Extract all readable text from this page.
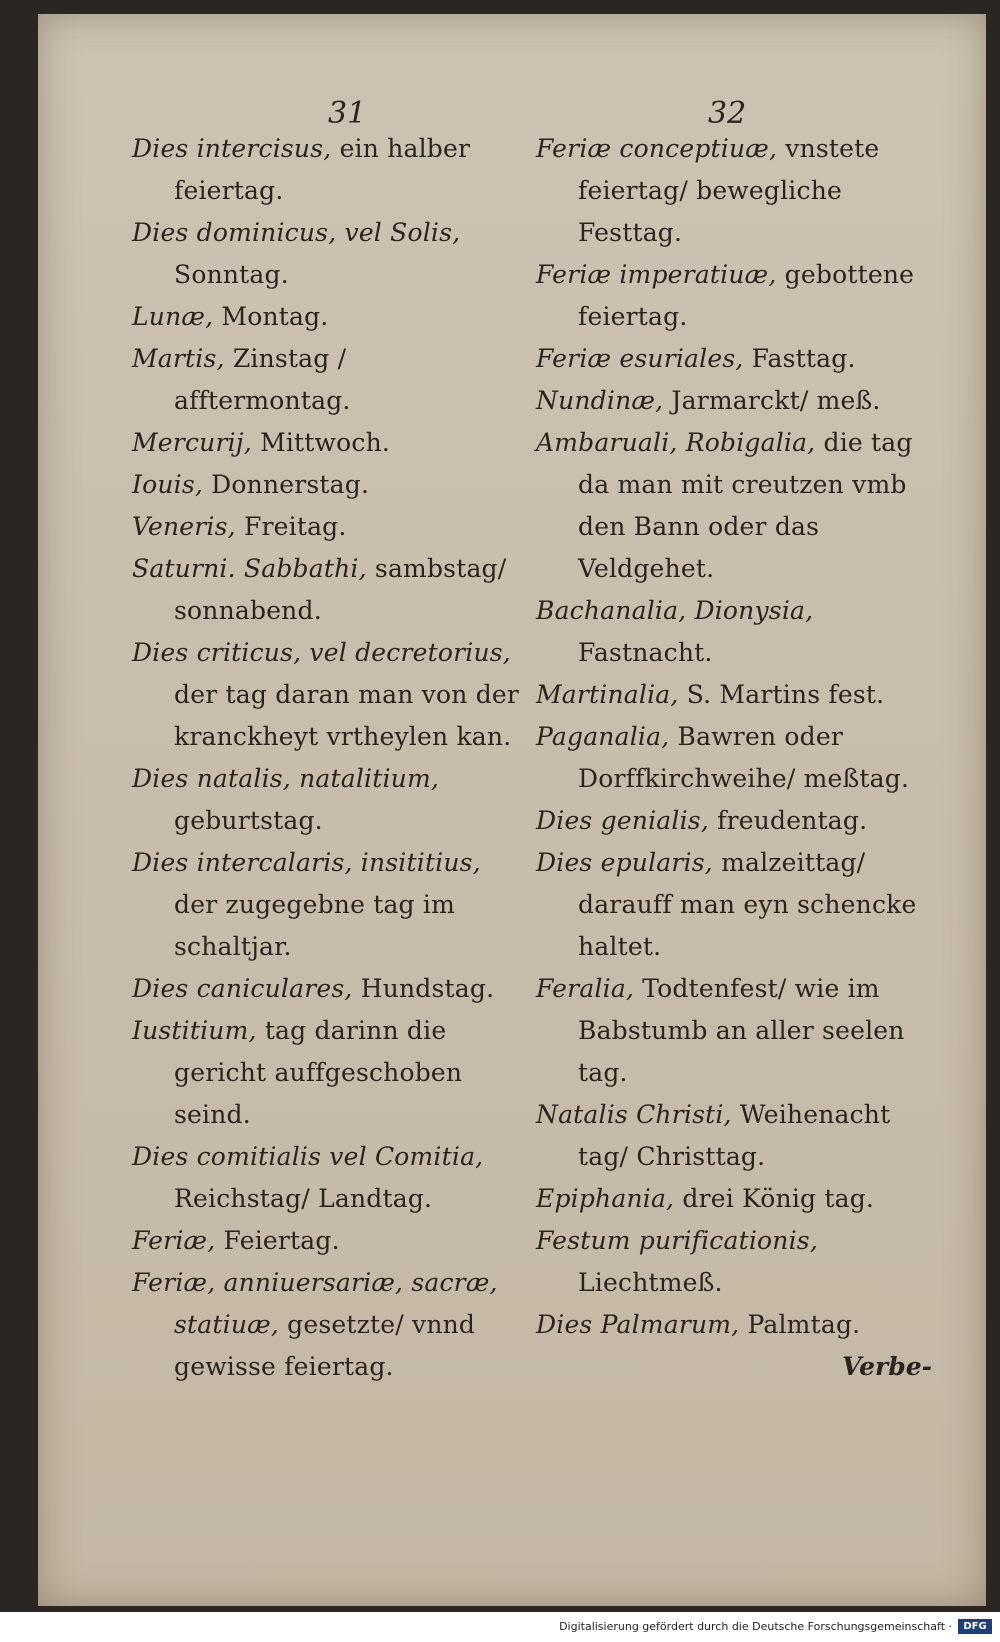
31	32
Dies intercisus, ein halber feiertag.
Dies dominicus, vel Solis, Sonntag.
Lunæ, Montag.
Martis, Zinstag / afftermontag.
Mercurij, Mittwoch.
Iouis, Donnerstag.
Veneris, Freitag.
Saturni. Sabbathi, sambstag/ sonnabend.
Dies criticus, vel decretorius, der tag daran man von der kranckheyt vrtheylen kan.
Dies natalis, natalitium, geburtstag.
Dies intercalaris, insititius, der zugegebne tag im schaltjar.
Dies caniculares, Hundstag.
Iustitium, tag darinn die gericht auffgeschoben seind.
Dies comitialis vel Comitia, Reichstag/ Landtag.
Feriæ, Feiertag.
Feriæ, anniuersariæ, sacræ, statiuæ, gesetzte/ vnnd gewisse feiertag.
Feriæ conceptiuæ, vnstete feiertag/ bewegliche Festtag.
Feriæ imperatiuæ, gebottene feiertag.
Feriæ esuriales, Fasttag.
Nundinæ, Jarmarckt/ meß.
Ambaruali, Robigalia, die tag da man mit creutzen vmb den Bann oder das Veldgehet.
Bachanalia, Dionysia, Fastnacht.
Martinalia, S. Martins fest.
Paganalia, Bawren oder Dorffkirchweihe/ meßtag.
Dies genialis, freudentag.
Dies epularis, malzeittag/ darauff man eyn schencke haltet.
Feralia, Todtenfest/ wie im Babstumb an aller seelen tag.
Natalis Christi, Weihenacht tag/ Christtag.
Epiphania, drei König tag.
Festum purificationis, Liechtmeß.
Dies Palmarum, Palmtag.
Verbe-
Digitalisierung gefördert durch die Deutsche Forschungsgemeinschaft ·	DFG
